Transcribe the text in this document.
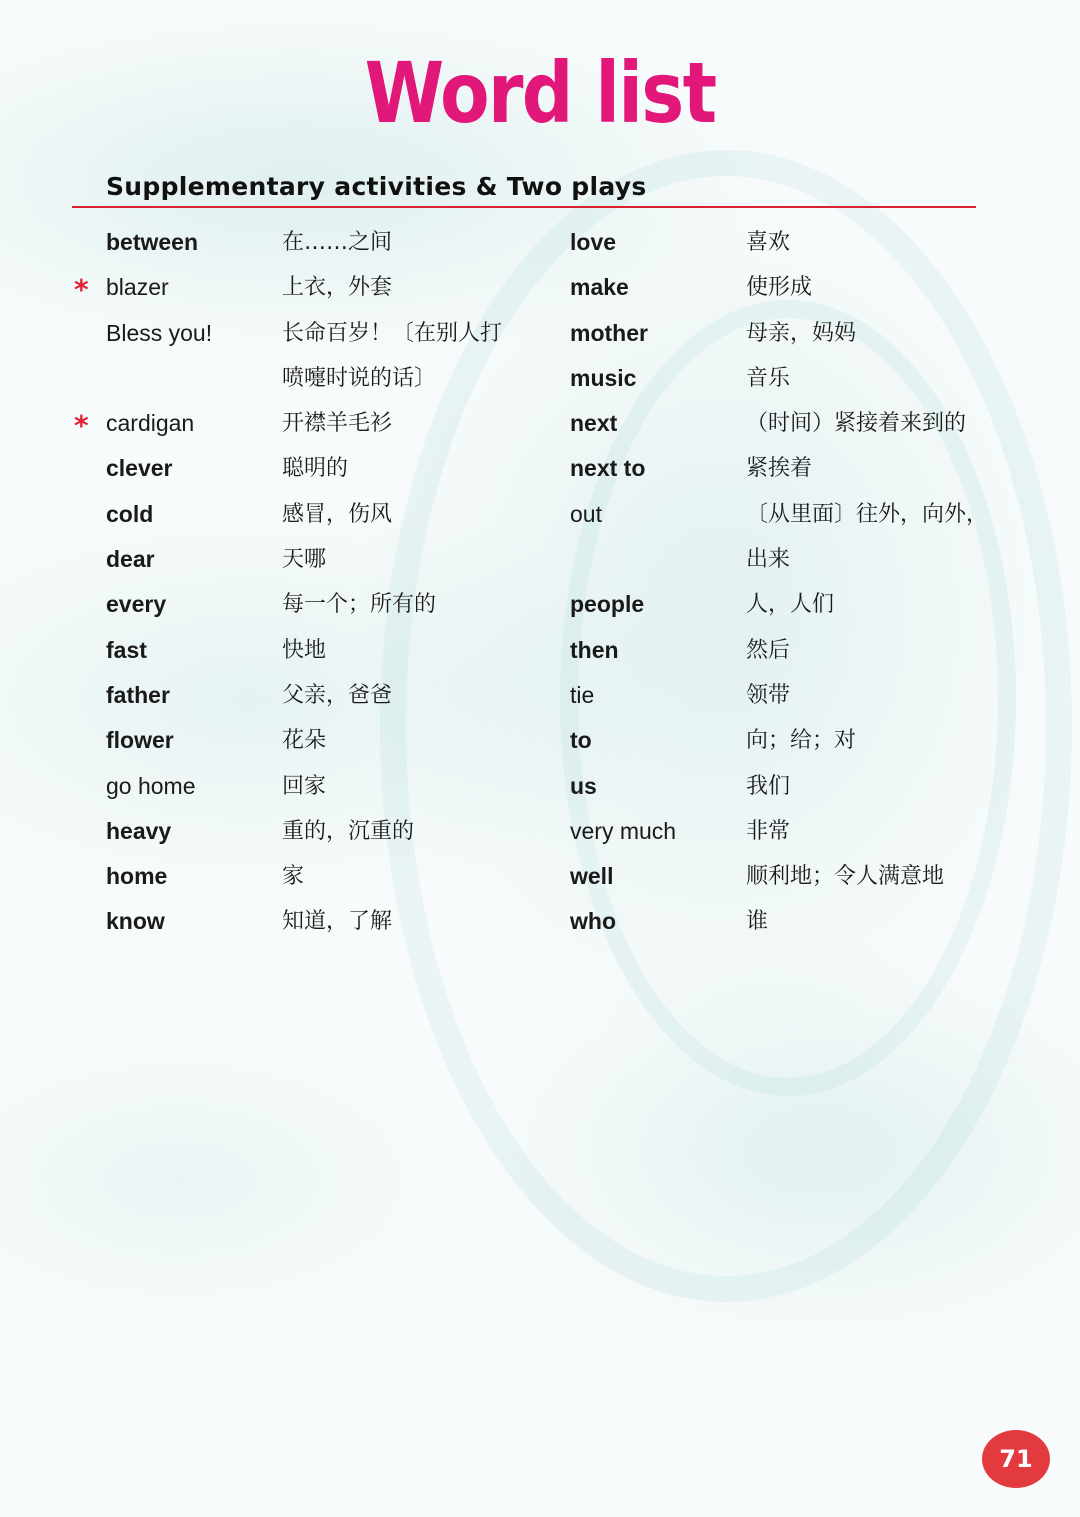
Word list
Supplementary activities & Two plays
between	在……之间
* blazer	上衣，外套
Bless you!	长命百岁！〔在别人打
喷嚏时说的话〕
* cardigan	开襟羊毛衫
clever	聪明的
cold	感冒，伤风
dear	天哪
every	每一个；所有的
fast	快地
father	父亲，爸爸
flower	花朵
go home	回家
heavy	重的，沉重的
home	家
know	知道，了解
love	喜欢
make	使形成
mother	母亲，妈妈
music	音乐
next	（时间）紧接着来到的
next to	紧挨着
out	〔从里面〕往外，向外，
出来
people	人，人们
then	然后
tie	领带
to	向；给；对
us	我们
very much	非常
well	顺利地；令人满意地
who	谁
71
